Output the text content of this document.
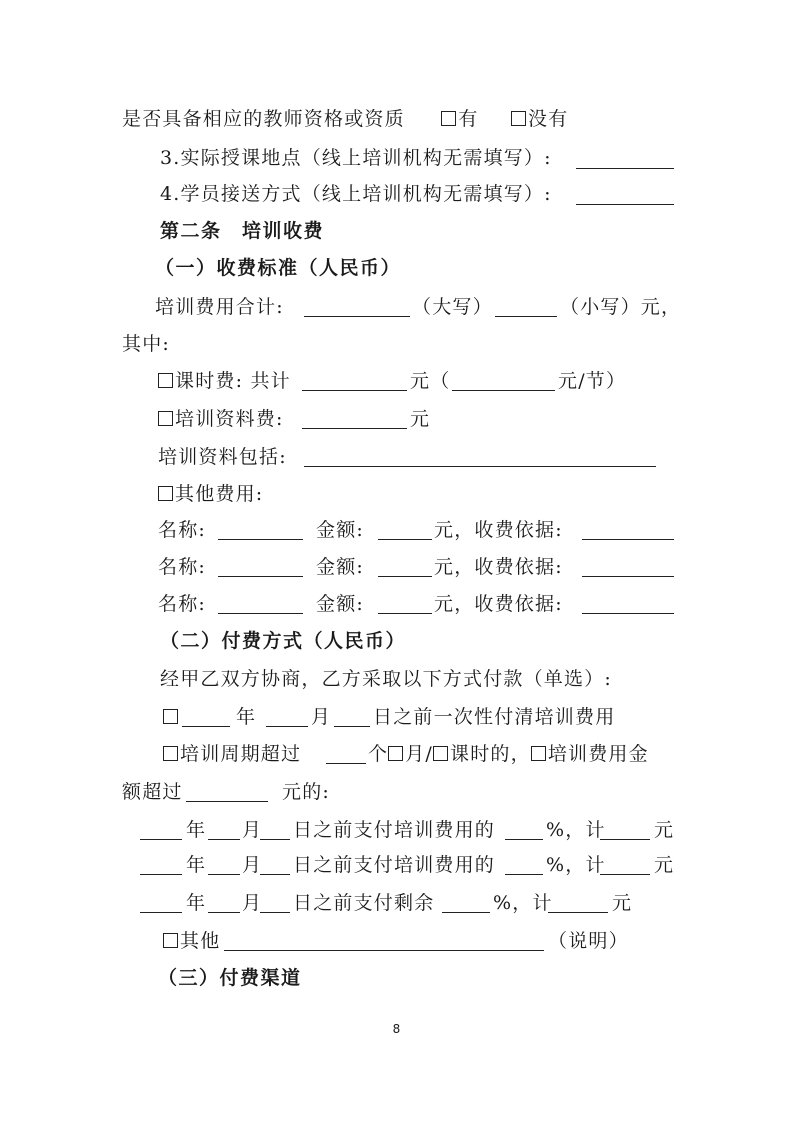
是否具备相应的教师资格或资质	有	没有
3.实际授课地点（线上培训机构无需填写）:
4.学员接送方式（线上培训机构无需填写）:
第二条　培训收费
（一）收费标准（人民币）
培训费用合计:	（大写）	（小写）元，
其中:
课时费: 共计	元（	元/节）
培训资料费:	元
培训资料包括:
其他费用:
名称:	金额:	元，收费依据:
名称:	金额:	元，收费依据:
名称:	金额:	元，收费依据:
（二）付费方式（人民币）
经甲乙双方协商，乙方采取以下方式付款（单选）:
年	月 日之前一次性付清培训费用
培训周期超过	个 月/ 课时的， 培训费用金
额超过	元的:
年 月 日之前支付培训费用的	%，计	元
年 月 日之前支付培训费用的	%，计	元
年 月 日之前支付剩余	%，计	元
其他	（说明）
（三）付费渠道
8
